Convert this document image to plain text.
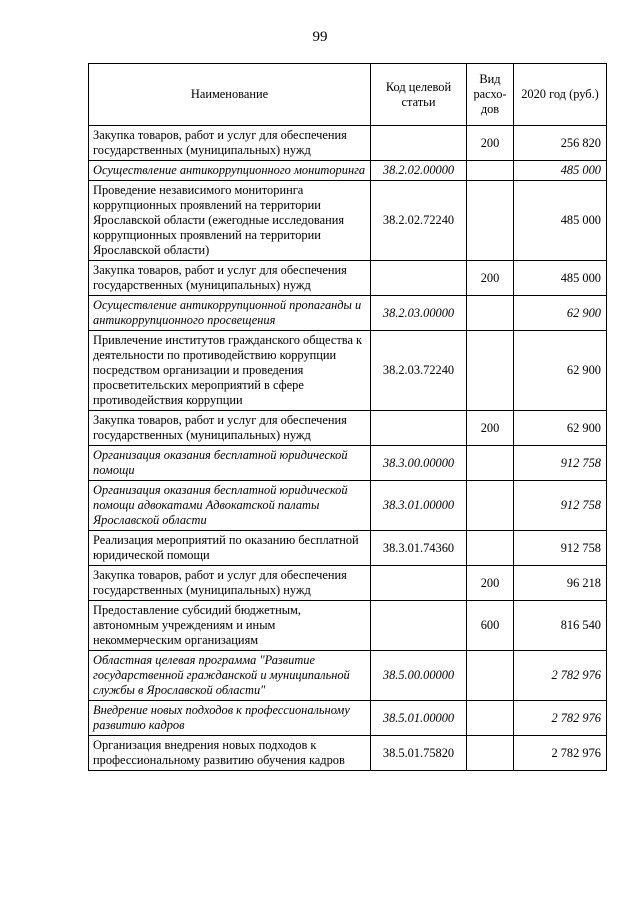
99
Наименование	Код целевой статьи	Вид расхо-дов	2020 год (руб.)
Закупка товаров, работ и услуг для обеспечения государственных (муниципальных) нужд		200	256 820
Осуществление антикоррупционного мониторинга	38.2.02.00000		485 000
Проведение независимого мониторинга коррупционных проявлений на территории Ярославской области (ежегодные исследования коррупционных проявлений на территории Ярославской области)	38.2.02.72240		485 000
Закупка товаров, работ и услуг для обеспечения государственных (муниципальных) нужд		200	485 000
Осуществление антикоррупционной пропаганды и антикоррупционного просвещения	38.2.03.00000		62 900
Привлечение институтов гражданского общества к деятельности по противодействию коррупции посредством организации и проведения просветительских мероприятий в сфере противодействия коррупции	38.2.03.72240		62 900
Закупка товаров, работ и услуг для обеспечения государственных (муниципальных) нужд		200	62 900
Организация оказания бесплатной юридической помощи	38.3.00.00000		912 758
Организация оказания бесплатной юридической помощи адвокатами Адвокатской палаты Ярославской области	38.3.01.00000		912 758
Реализация мероприятий по оказанию бесплатной юридической помощи	38.3.01.74360		912 758
Закупка товаров, работ и услуг для обеспечения государственных (муниципальных) нужд		200	96 218
Предоставление субсидий бюджетным, автономным учреждениям и иным некоммерческим организациям		600	816 540
Областная целевая программа "Развитие государственной гражданской и муниципальной службы в Ярославской области"	38.5.00.00000		2 782 976
Внедрение новых подходов к профессиональному развитию кадров	38.5.01.00000		2 782 976
Организация внедрения новых подходов к профессиональному развитию обучения кадров	38.5.01.75820		2 782 976
